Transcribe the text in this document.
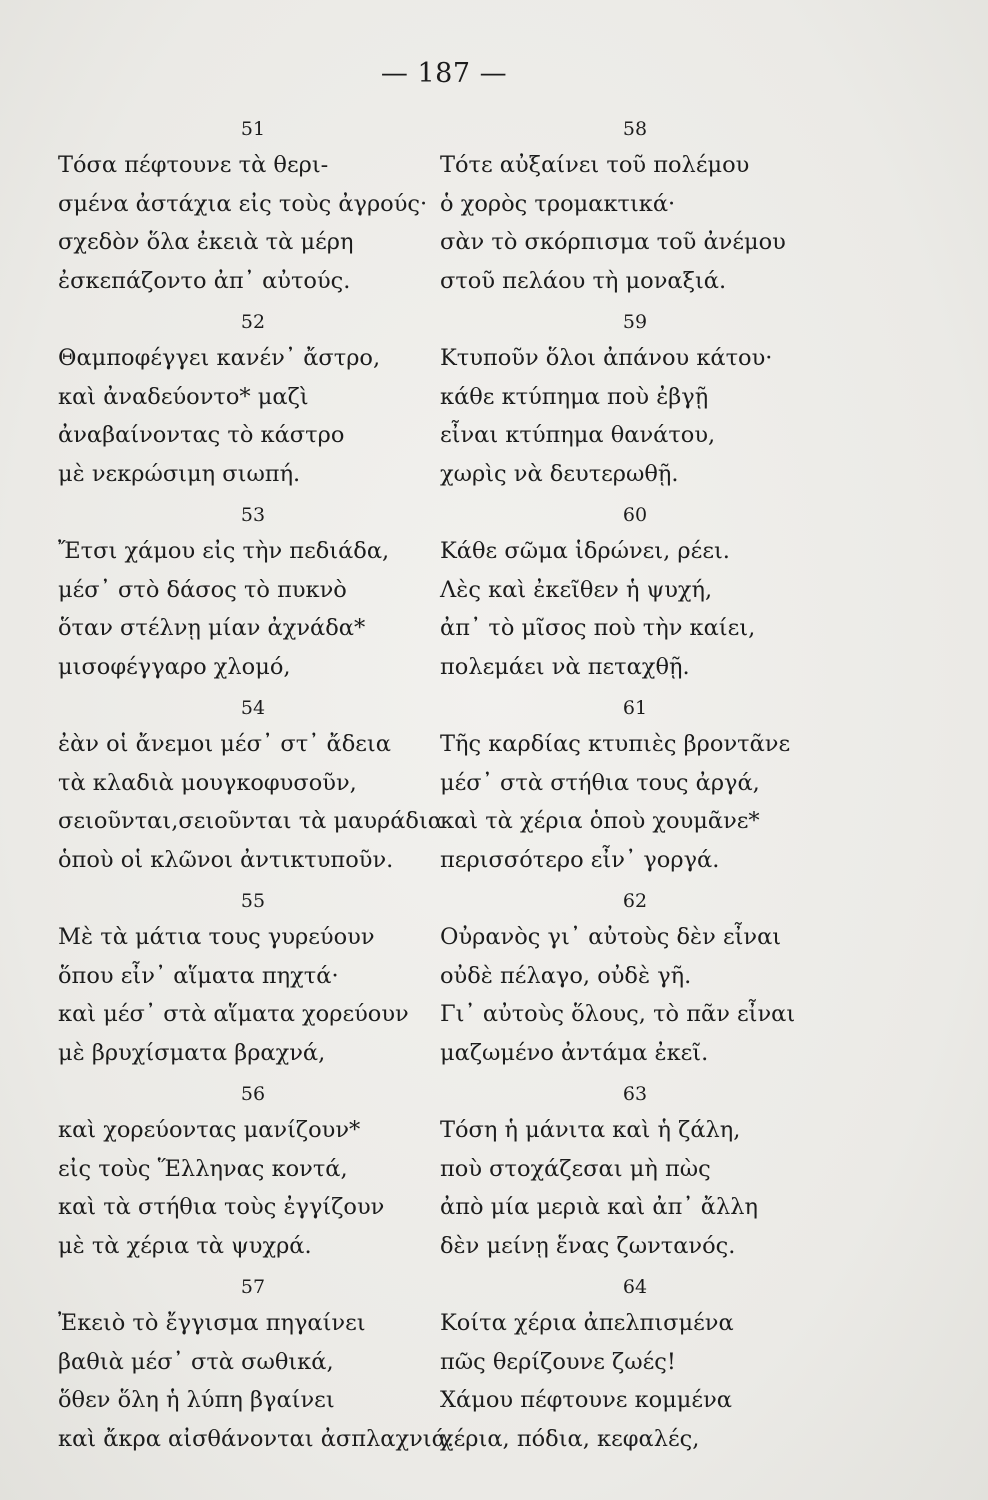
— 187 —
51
Τόσα πέφτουνε τὰ θερι-
σμένα ἀστάχια εἰς τοὺς ἀγρούς·
σχεδὸν ὅλα ἐκειὰ τὰ μέρη
ἐσκεπάζοντο ἀπ᾿ αὐτούς.
52
Θαμποφέγγει κανέν᾿ ἄστρο,
καὶ ἀναδεύοντο* μαζὶ
ἀναβαίνοντας τὸ κάστρο
μὲ νεκρώσιμη σιωπή.
53
Ἔτσι χάμου εἰς τὴν πεδιάδα,
μέσ᾿ στὸ δάσος τὸ πυκνὸ
ὅταν στέλνῃ μίαν ἀχνάδα*
μισοφέγγαρο χλομό,
54
ἐὰν οἱ ἄνεμοι μέσ᾿ στ᾿ ἄδεια
τὰ κλαδιὰ μουγκοφυσοῦν,
σειοῦνται,σειοῦνται τὰ μαυράδια
ὁποὺ οἱ κλῶνοι ἀντικτυποῦν.
55
Μὲ τὰ μάτια τους γυρεύουν
ὅπου εἶν᾿ αἵματα πηχτά·
καὶ μέσ᾿ στὰ αἵματα χορεύουν
μὲ βρυχίσματα βραχνά,
56
καὶ χορεύοντας μανίζουν*
εἰς τοὺς Ἕλληνας κοντά,
καὶ τὰ στήθια τοὺς ἐγγίζουν
μὲ τὰ χέρια τὰ ψυχρά.
57
Ἐκειὸ τὸ ἔγγισμα πηγαίνει
βαθιὰ μέσ᾿ στὰ σωθικά,
ὅθεν ὅλη ἡ λύπη βγαίνει
καὶ ἄκρα αἰσθάνονται ἀσπλαχνιά.
58
Τότε αὐξαίνει τοῦ πολέμου
ὁ χορὸς τρομακτικά·
σὰν τὸ σκόρπισμα τοῦ ἀνέμου
στοῦ πελάου τὴ μοναξιά.
59
Κτυποῦν ὅλοι ἀπάνου κάτου·
κάθε κτύπημα ποὺ ἐβγῇ
εἶναι κτύπημα θανάτου,
χωρὶς νὰ δευτερωθῇ.
60
Κάθε σῶμα ἱδρώνει, ρέει.
Λὲς καὶ ἐκεῖθεν ἡ ψυχή,
ἀπ᾿ τὸ μῖσος ποὺ τὴν καίει,
πολεμάει νὰ πεταχθῇ.
61
Τῆς καρδίας κτυπιὲς βροντᾶνε
μέσ᾿ στὰ στήθια τους ἀργά,
καὶ τὰ χέρια ὁποὺ χουμᾶνε*
περισσότερο εἶν᾿ γοργά.
62
Οὐρανὸς γι᾿ αὐτοὺς δὲν εἶναι
οὐδὲ πέλαγο, οὐδὲ γῆ.
Γι᾿ αὐτοὺς ὅλους, τὸ πᾶν εἶναι
μαζωμένο ἀντάμα ἐκεῖ.
63
Τόση ἡ μάνιτα καὶ ἡ ζάλη,
ποὺ στοχάζεσαι μὴ πὼς
ἀπὸ μία μεριὰ καὶ ἀπ᾿ ἄλλη
δὲν μείνῃ ἕνας ζωντανός.
64
Κοίτα χέρια ἀπελπισμένα
πῶς θερίζουνε ζωές!
Χάμου πέφτουνε κομμένα
χέρια, πόδια, κεφαλές,
